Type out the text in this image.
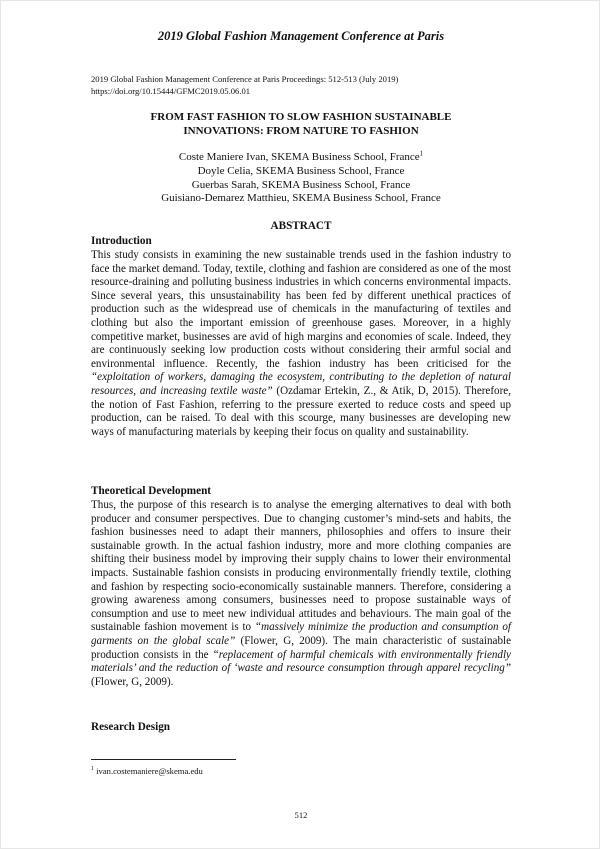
2019 Global Fashion Management Conference at Paris
2019 Global Fashion Management Conference at Paris Proceedings: 512-513 (July 2019)
https://doi.org/10.15444/GFMC2019.05.06.01
FROM FAST FASHION TO SLOW FASHION SUSTAINABLE
INNOVATIONS: FROM NATURE TO FASHION
Coste Maniere Ivan, SKEMA Business School, France$^1$
Doyle Celia, SKEMA Business School, France
Guerbas Sarah, SKEMA Business School, France
Guisiano-Demarez Matthieu, SKEMA Business School, France
ABSTRACT
Introduction

This study consists in examining the new sustainable trends used in the fashion industry to face the market demand. Today, textile, clothing and fashion are considered as one of the most resource-draining and polluting business industries in which concerns environmental impacts. Since several years, this unsustainability has been fed by different unethical practices of production such as the widespread use of chemicals in the manufacturing of textiles and clothing but also the important emission of greenhouse gases. Moreover, in a highly competitive market, businesses are avid of high margins and economies of scale. Indeed, they are continuously seeking low production costs without considering their armful social and environmental influence. Recently, the fashion industry has been criticised for the “exploitation of workers, damaging the ecosystem, contributing to the depletion of natural resources, and increasing textile waste” (Ozdamar Ertekin, Z., & Atik, D, 2015). Therefore, the notion of Fast Fashion, referring to the pressure exerted to reduce costs and speed up production, can be raised. To deal with this scourge, many businesses are developing new ways of manufacturing materials by keeping their focus on quality and sustainability.

Theoretical Development

Thus, the purpose of this research is to analyse the emerging alternatives to deal with both producer and consumer perspectives. Due to changing customer’s mind-sets and habits, the fashion businesses need to adapt their manners, philosophies and offers to insure their sustainable growth. In the actual fashion industry, more and more clothing companies are shifting their business model by improving their supply chains to lower their environmental impacts. Sustainable fashion consists in producing environmentally friendly textile, clothing and fashion by respecting socio-economically sustainable manners. Therefore, considering a growing awareness among consumers, businesses need to propose sustainable ways of consumption and use to meet new individual attitudes and behaviours. The main goal of the sustainable fashion movement is to “massively minimize the production and consumption of garments on the global scale” (Flower, G, 2009). The main characteristic of sustainable production consists in the “replacement of harmful chemicals with environmentally friendly materials’ and the reduction of ‘waste and resource consumption through apparel recycling” (Flower, G, 2009).

Research Design
$^1$ ivan.costemaniere@skema.edu
512
